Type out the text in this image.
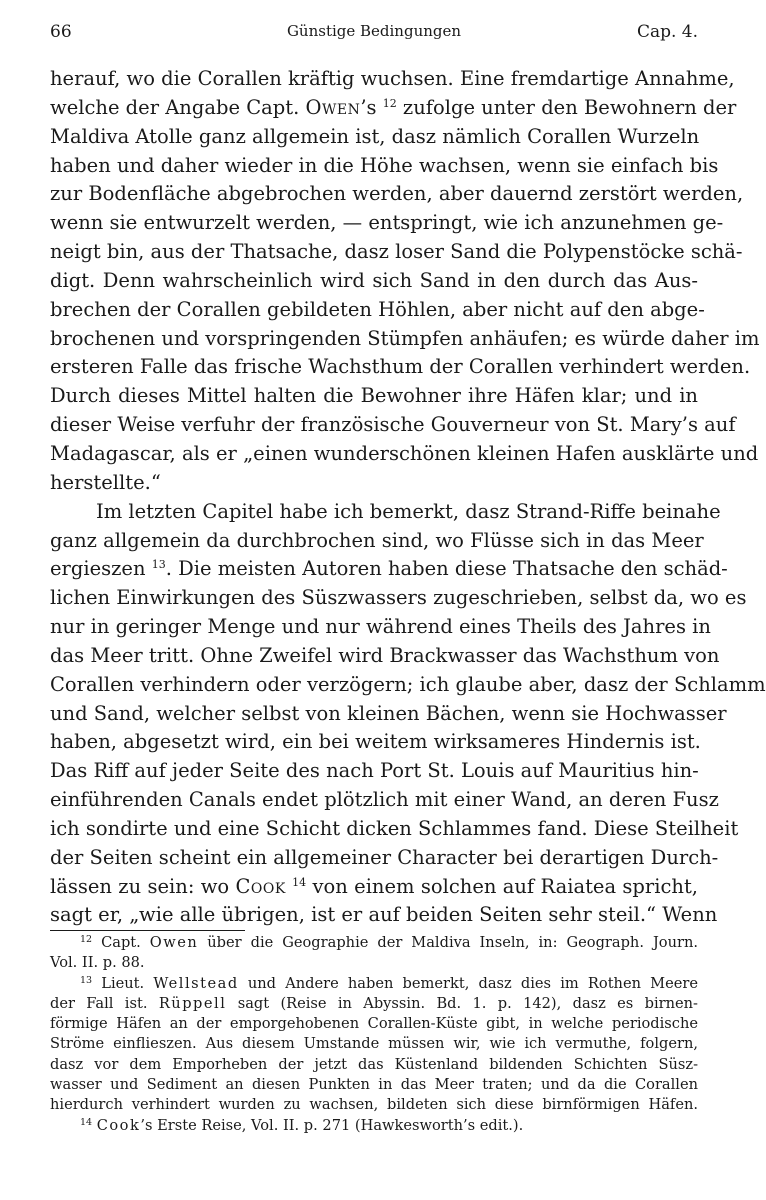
66	Günstige Bedingungen	Cap. 4.
herauf, wo die Corallen kräftig wuchsen. Eine fremdartige Annahme,
welche der Angabe Capt. Owen’s $^{12}$ zufolge unter den Bewohnern der
Maldiva Atolle ganz allgemein ist, dasz nämlich Corallen Wurzeln
haben und daher wieder in die Höhe wachsen, wenn sie einfach bis
zur Bodenfläche abgebrochen werden, aber dauernd zerstört werden,
wenn sie entwurzelt werden, — entspringt, wie ich anzunehmen ge-
neigt bin, aus der Thatsache, dasz loser Sand die Polypenstöcke schä-
digt. Denn wahrscheinlich wird sich Sand in den durch das Aus-
brechen der Corallen gebildeten Höhlen, aber nicht auf den abge-
brochenen und vorspringenden Stümpfen anhäufen; es würde daher im
ersteren Falle das frische Wachsthum der Corallen verhindert werden.
Durch dieses Mittel halten die Bewohner ihre Häfen klar; und in
dieser Weise verfuhr der französische Gouverneur von St. Mary’s auf
Madagascar, als er „einen wunderschönen kleinen Hafen ausklärte und
herstellte.“
Im letzten Capitel habe ich bemerkt, dasz Strand-Riffe beinahe
ganz allgemein da durchbrochen sind, wo Flüsse sich in das Meer
ergieszen $^{13}$. Die meisten Autoren haben diese Thatsache den schäd-
lichen Einwirkungen des Süszwassers zugeschrieben, selbst da, wo es
nur in geringer Menge und nur während eines Theils des Jahres in
das Meer tritt. Ohne Zweifel wird Brackwasser das Wachsthum von
Corallen verhindern oder verzögern; ich glaube aber, dasz der Schlamm
und Sand, welcher selbst von kleinen Bächen, wenn sie Hochwasser
haben, abgesetzt wird, ein bei weitem wirksameres Hindernis ist.
Das Riff auf jeder Seite des nach Port St. Louis auf Mauritius hin-
einführenden Canals endet plötzlich mit einer Wand, an deren Fusz
ich sondirte und eine Schicht dicken Schlammes fand. Diese Steilheit
der Seiten scheint ein allgemeiner Character bei derartigen Durch-
lässen zu sein: wo Cook $^{14}$ von einem solchen auf Raiatea spricht,
sagt er, „wie alle übrigen, ist er auf beiden Seiten sehr steil.“ Wenn
$^{12}$ Capt. Owen über die Geographie der Maldiva Inseln, in: Geograph. Journ.
Vol. II. p. 88.
$^{13}$ Lieut. Wellstead und Andere haben bemerkt, dasz dies im Rothen Meere
der Fall ist. Rüppell sagt (Reise in Abyssin. Bd. 1. p. 142), dasz es birnen-
förmige Häfen an der emporgehobenen Corallen-Küste gibt, in welche periodische
Ströme einflieszen. Aus diesem Umstande müssen wir, wie ich vermuthe, folgern,
dasz vor dem Emporheben der jetzt das Küstenland bildenden Schichten Süsz-
wasser und Sediment an diesen Punkten in das Meer traten; und da die Corallen
hierdurch verhindert wurden zu wachsen, bildeten sich diese birnförmigen Häfen.
$^{14}$ Cook’s Erste Reise, Vol. II. p. 271 (Hawkesworth’s edit.).
